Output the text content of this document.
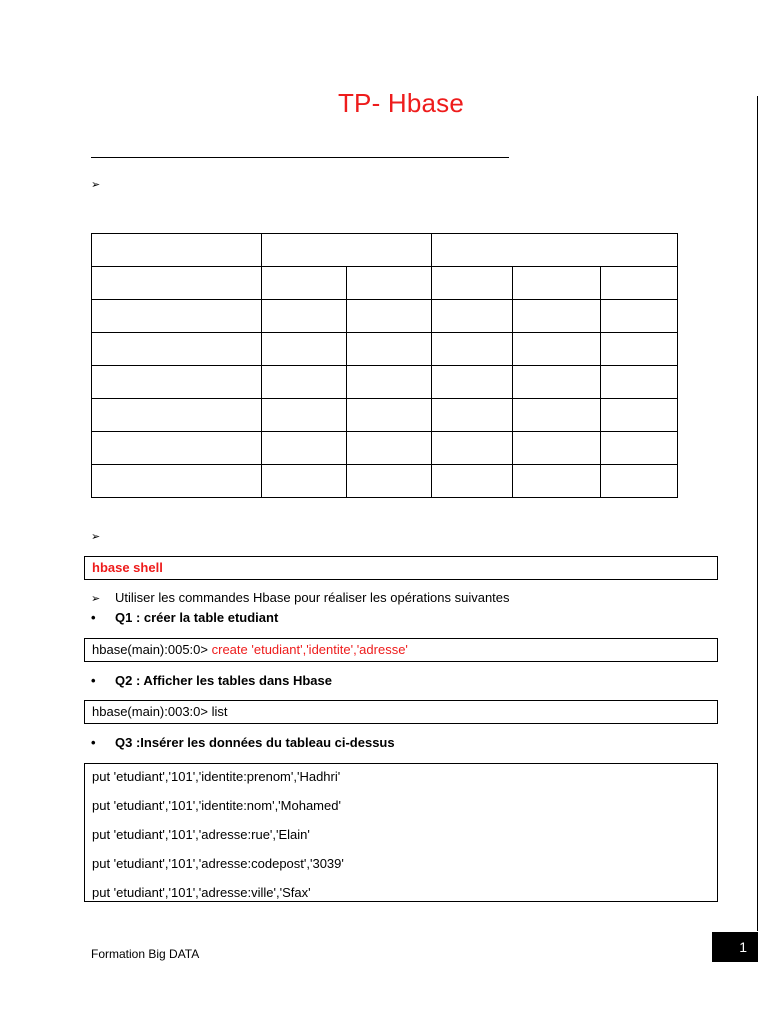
TP- Hbase
➢

➢
hbase shell
➢ Utiliser les commandes Hbase pour réaliser les opérations suivantes
• Q1 : créer la table etudiant
hbase(main):005:0> create 'etudiant','identite','adresse'
• Q2 : Afficher les tables dans Hbase
hbase(main):003:0> list
• Q3 :Insérer les données du tableau ci-dessus
put 'etudiant','101','identite:prenom','Hadhri'
put 'etudiant','101','identite:nom','Mohamed'
put 'etudiant','101','adresse:rue','Elain'
put 'etudiant','101','adresse:codepost','3039'
put 'etudiant','101','adresse:ville','Sfax'
Formation Big DATA	1
